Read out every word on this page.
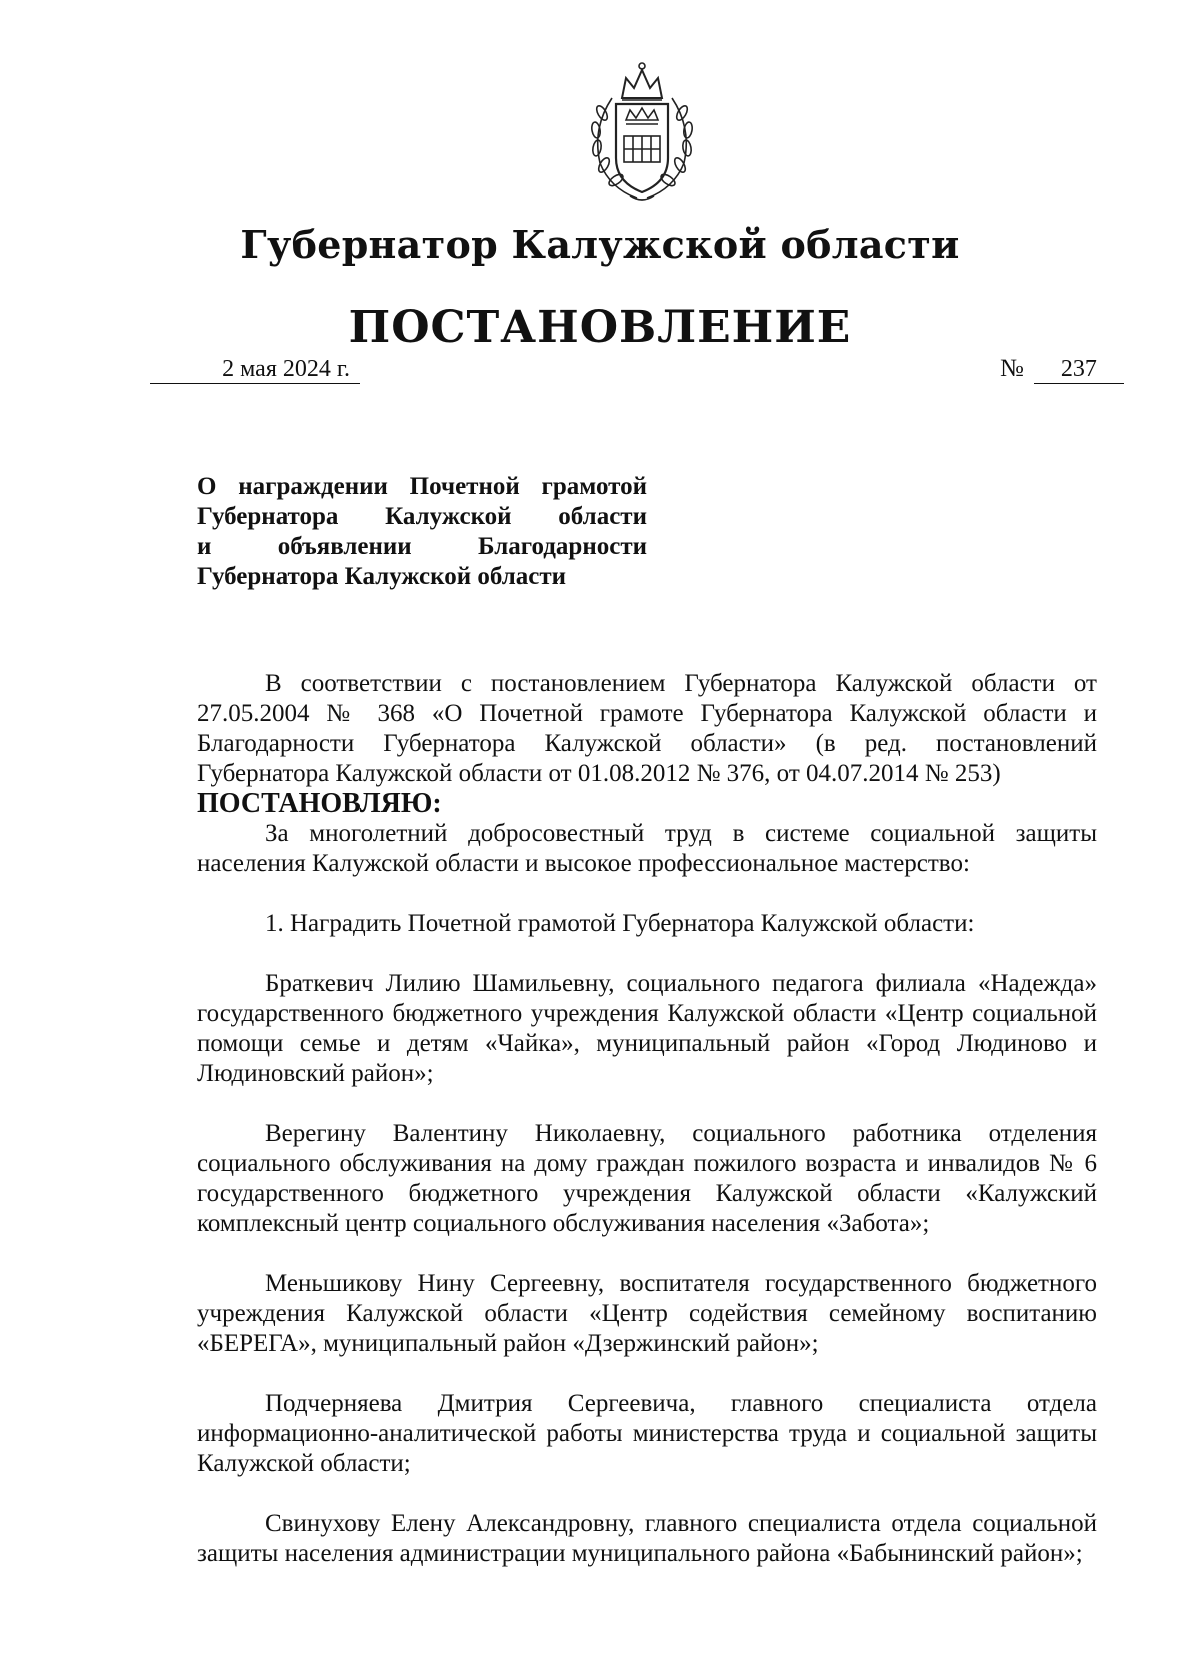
Губернатор Калужской области
ПОСТАНОВЛЕНИЕ
2 мая 2024 г.	№ 237
О награждении Почетной грамотой
Губернатора Калужской области
и объявлении Благодарности
Губернатора Калужской области

В соответствии с постановлением Губернатора Калужской области от 27.05.2004 № 368 «О Почетной грамоте Губернатора Калужской области и Благодарности Губернатора Калужской области» (в ред. постановлений Губернатора Калужской области от 01.08.2012 № 376, от 04.07.2014 № 253)

ПОСТАНОВЛЯЮ:

За многолетний добросовестный труд в системе социальной защиты населения Калужской области и высокое профессиональное мастерство:

1. Наградить Почетной грамотой Губернатора Калужской области:

Браткевич Лилию Шамильевну, социального педагога филиала «Надежда» государственного бюджетного учреждения Калужской области «Центр социальной помощи семье и детям «Чайка», муниципальный район «Город Людиново и Людиновский район»;

Верегину Валентину Николаевну, социального работника отделения социального обслуживания на дому граждан пожилого возраста и инвалидов № 6 государственного бюджетного учреждения Калужской области «Калужский комплексный центр социального обслуживания населения «Забота»;

Меньшикову Нину Сергеевну, воспитателя государственного бюджетного учреждения Калужской области «Центр содействия семейному воспитанию «БЕРЕГА», муниципальный район «Дзержинский район»;

Подчерняева Дмитрия Сергеевича, главного специалиста отдела информационно-аналитической работы министерства труда и социальной защиты Калужской области;

Свинухову Елену Александровну, главного специалиста отдела социальной защиты населения администрации муниципального района «Бабынинский район»;
